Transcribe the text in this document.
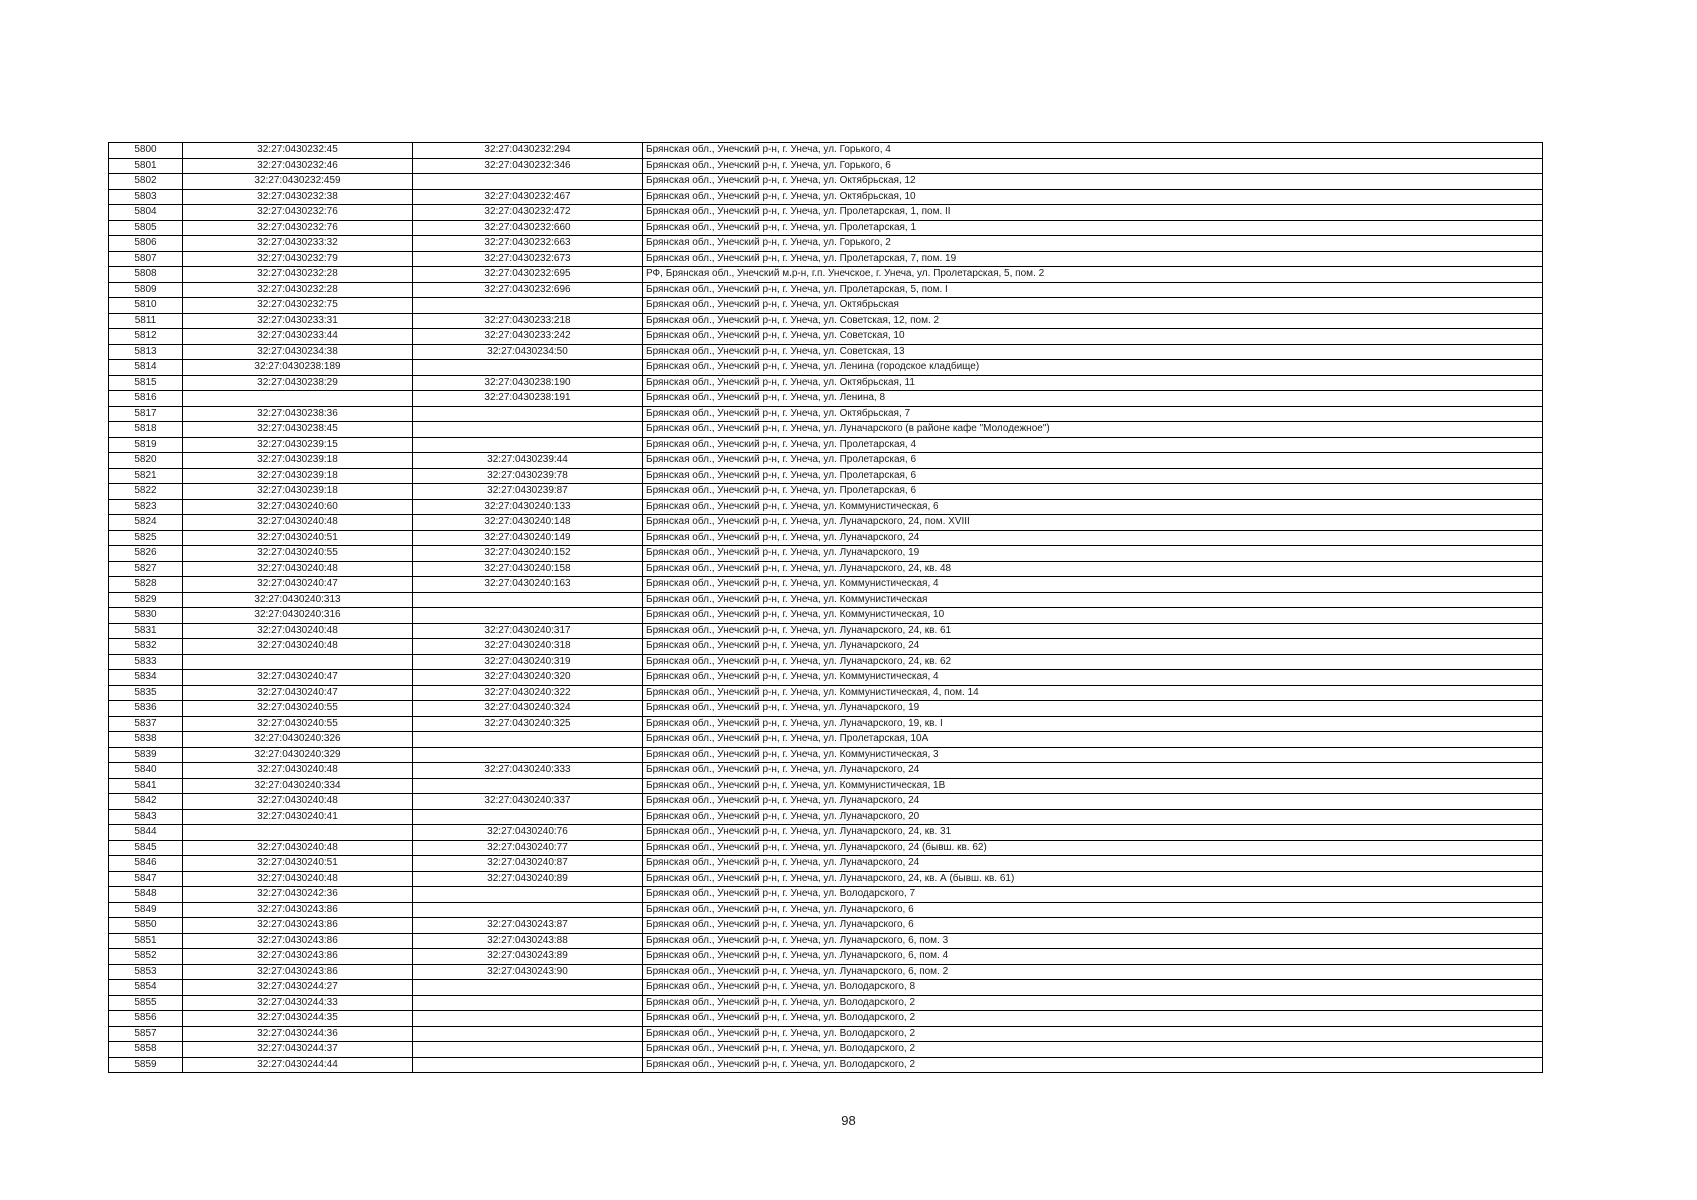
5800	32:27:0430232:45	32:27:0430232:294	Брянская обл., Унечский р-н, г. Унеча, ул. Горького, 4
5801	32:27:0430232:46	32:27:0430232:346	Брянская обл., Унечский р-н, г. Унеча, ул. Горького, 6
5802	32:27:0430232:459		Брянская обл., Унечский р-н, г. Унеча, ул. Октябрьская, 12
5803	32:27:0430232:38	32:27:0430232:467	Брянская обл., Унечский р-н, г. Унеча, ул. Октябрьская, 10
5804	32:27:0430232:76	32:27:0430232:472	Брянская обл., Унечский р-н, г. Унеча, ул. Пролетарская, 1, пом. II
5805	32:27:0430232:76	32:27:0430232:660	Брянская обл., Унечский р-н, г. Унеча, ул. Пролетарская, 1
5806	32:27:0430233:32	32:27:0430232:663	Брянская обл., Унечский р-н, г. Унеча, ул. Горького, 2
5807	32:27:0430232:79	32:27:0430232:673	Брянская обл., Унечский р-н, г. Унеча, ул. Пролетарская, 7, пом. 19
5808	32:27:0430232:28	32:27:0430232:695	РФ, Брянская обл., Унечский м.р-н, г.п. Унечское, г. Унеча, ул. Пролетарская, 5, пом. 2
5809	32:27:0430232:28	32:27:0430232:696	Брянская обл., Унечский р-н, г. Унеча, ул. Пролетарская, 5, пом. I
5810	32:27:0430232:75		Брянская обл., Унечский р-н, г. Унеча, ул. Октябрьская
5811	32:27:0430233:31	32:27:0430233:218	Брянская обл., Унечский р-н, г. Унеча, ул. Советская, 12, пом. 2
5812	32:27:0430233:44	32:27:0430233:242	Брянская обл., Унечский р-н, г. Унеча, ул. Советская, 10
5813	32:27:0430234:38	32:27:0430234:50	Брянская обл., Унечский р-н, г. Унеча, ул. Советская, 13
5814	32:27:0430238:189		Брянская обл., Унечский р-н, г. Унеча, ул. Ленина (городское кладбище)
5815	32:27:0430238:29	32:27:0430238:190	Брянская обл., Унечский р-н, г. Унеча, ул. Октябрьская, 11
5816		32:27:0430238:191	Брянская обл., Унечский р-н, г. Унеча, ул. Ленина, 8
5817	32:27:0430238:36		Брянская обл., Унечский р-н, г. Унеча, ул. Октябрьская, 7
5818	32:27:0430238:45		Брянская обл., Унечский р-н, г. Унеча, ул. Луначарского (в районе кафе "Молодежное")
5819	32:27:0430239:15		Брянская обл., Унечский р-н, г. Унеча, ул. Пролетарская, 4
5820	32:27:0430239:18	32:27:0430239:44	Брянская обл., Унечский р-н, г. Унеча, ул. Пролетарская, 6
5821	32:27:0430239:18	32:27:0430239:78	Брянская обл., Унечский р-н, г. Унеча, ул. Пролетарская, 6
5822	32:27:0430239:18	32:27:0430239:87	Брянская обл., Унечский р-н, г. Унеча, ул. Пролетарская, 6
5823	32:27:0430240:60	32:27:0430240:133	Брянская обл., Унечский р-н, г. Унеча, ул. Коммунистическая, 6
5824	32:27:0430240:48	32:27:0430240:148	Брянская обл., Унечский р-н, г. Унеча, ул. Луначарского, 24, пом. XVIII
5825	32:27:0430240:51	32:27:0430240:149	Брянская обл., Унечский р-н, г. Унеча, ул. Луначарского, 24
5826	32:27:0430240:55	32:27:0430240:152	Брянская обл., Унечский р-н, г. Унеча, ул. Луначарского, 19
5827	32:27:0430240:48	32:27:0430240:158	Брянская обл., Унечский р-н, г. Унеча, ул. Луначарского, 24, кв. 48
5828	32:27:0430240:47	32:27:0430240:163	Брянская обл., Унечский р-н, г. Унеча, ул. Коммунистическая, 4
5829	32:27:0430240:313		Брянская обл., Унечский р-н, г. Унеча, ул. Коммунистическая
5830	32:27:0430240:316		Брянская обл., Унечский р-н, г. Унеча, ул. Коммунистическая, 10
5831	32:27:0430240:48	32:27:0430240:317	Брянская обл., Унечский р-н, г. Унеча, ул. Луначарского, 24, кв. 61
5832	32:27:0430240:48	32:27:0430240:318	Брянская обл., Унечский р-н, г. Унеча, ул. Луначарского, 24
5833		32:27:0430240:319	Брянская обл., Унечский р-н, г. Унеча, ул. Луначарского, 24, кв. 62
5834	32:27:0430240:47	32:27:0430240:320	Брянская обл., Унечский р-н, г. Унеча, ул. Коммунистическая, 4
5835	32:27:0430240:47	32:27:0430240:322	Брянская обл., Унечский р-н, г. Унеча, ул. Коммунистическая, 4, пом. 14
5836	32:27:0430240:55	32:27:0430240:324	Брянская обл., Унечский р-н, г. Унеча, ул. Луначарского, 19
5837	32:27:0430240:55	32:27:0430240:325	Брянская обл., Унечский р-н, г. Унеча, ул. Луначарского, 19, кв. I
5838	32:27:0430240:326		Брянская обл., Унечский р-н, г. Унеча, ул. Пролетарская, 10А
5839	32:27:0430240:329		Брянская обл., Унечский р-н, г. Унеча, ул. Коммунистическая, 3
5840	32:27:0430240:48	32:27:0430240:333	Брянская обл., Унечский р-н, г. Унеча, ул. Луначарского, 24
5841	32:27:0430240:334		Брянская обл., Унечский р-н, г. Унеча, ул. Коммунистическая, 1В
5842	32:27:0430240:48	32:27:0430240:337	Брянская обл., Унечский р-н, г. Унеча, ул. Луначарского, 24
5843	32:27:0430240:41		Брянская обл., Унечский р-н, г. Унеча, ул. Луначарского, 20
5844		32:27:0430240:76	Брянская обл., Унечский р-н, г. Унеча, ул. Луначарского, 24, кв. 31
5845	32:27:0430240:48	32:27:0430240:77	Брянская обл., Унечский р-н, г. Унеча, ул. Луначарского, 24 (бывш. кв. 62)
5846	32:27:0430240:51	32:27:0430240:87	Брянская обл., Унечский р-н, г. Унеча, ул. Луначарского, 24
5847	32:27:0430240:48	32:27:0430240:89	Брянская обл., Унечский р-н, г. Унеча, ул. Луначарского, 24, кв. А (бывш. кв. 61)
5848	32:27:0430242:36		Брянская обл., Унечский р-н, г. Унеча, ул. Володарского, 7
5849	32:27:0430243:86		Брянская обл., Унечский р-н, г. Унеча, ул. Луначарского, 6
5850	32:27:0430243:86	32:27:0430243:87	Брянская обл., Унечский р-н, г. Унеча, ул. Луначарского, 6
5851	32:27:0430243:86	32:27:0430243:88	Брянская обл., Унечский р-н, г. Унеча, ул. Луначарского, 6, пом. 3
5852	32:27:0430243:86	32:27:0430243:89	Брянская обл., Унечский р-н, г. Унеча, ул. Луначарского, 6, пом. 4
5853	32:27:0430243:86	32:27:0430243:90	Брянская обл., Унечский р-н, г. Унеча, ул. Луначарского, 6, пом. 2
5854	32:27:0430244:27		Брянская обл., Унечский р-н, г. Унеча, ул. Володарского, 8
5855	32:27:0430244:33		Брянская обл., Унечский р-н, г. Унеча, ул. Володарского, 2
5856	32:27:0430244:35		Брянская обл., Унечский р-н, г. Унеча, ул. Володарского, 2
5857	32:27:0430244:36		Брянская обл., Унечский р-н, г. Унеча, ул. Володарского, 2
5858	32:27:0430244:37		Брянская обл., Унечский р-н, г. Унеча, ул. Володарского, 2
5859	32:27:0430244:44		Брянская обл., Унечский р-н, г. Унеча, ул. Володарского, 2
98
